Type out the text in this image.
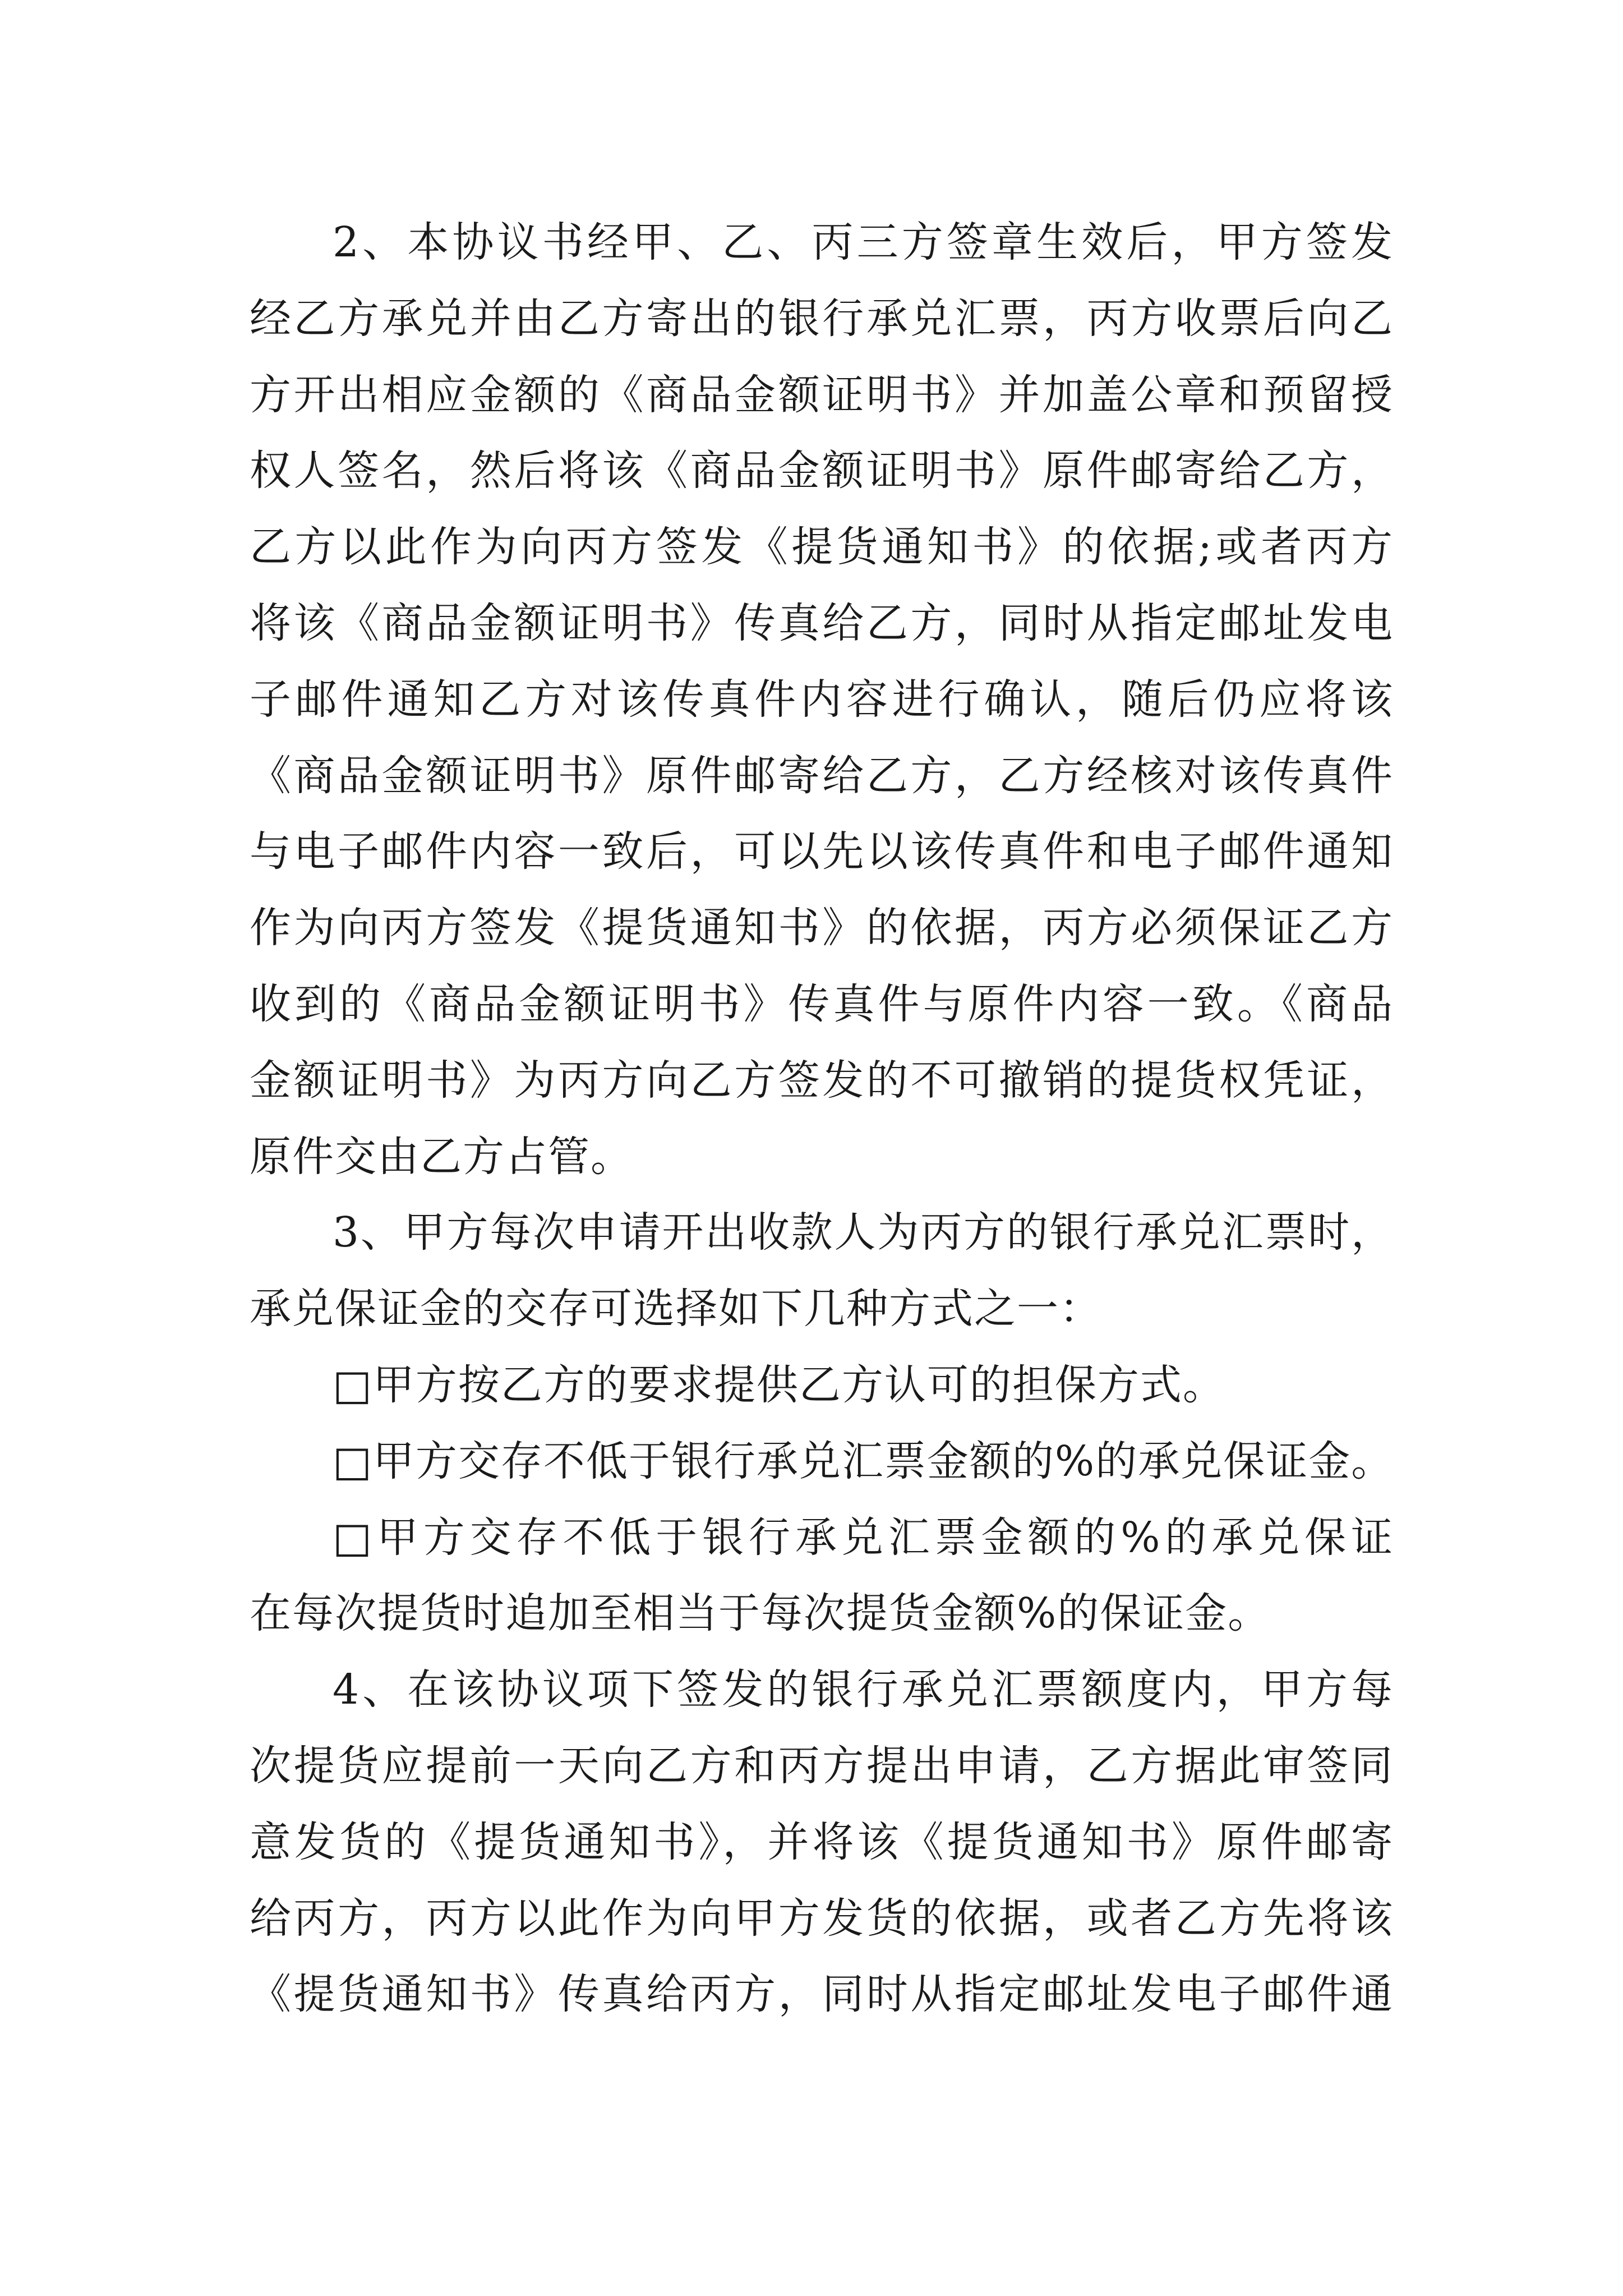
2、本协议书经甲、乙、丙三方签章生效后，甲方签发
经乙方承兑并由乙方寄出的银行承兑汇票，丙方收票后向乙
方开出相应金额的《商品金额证明书》并加盖公章和预留授
权人签名，然后将该《商品金额证明书》原件邮寄给乙方，
乙方以此作为向丙方签发《提货通知书》的依据;或者丙方
将该《商品金额证明书》传真给乙方，同时从指定邮址发电
子邮件通知乙方对该传真件内容进行确认，随后仍应将该
《商品金额证明书》原件邮寄给乙方，乙方经核对该传真件
与电子邮件内容一致后，可以先以该传真件和电子邮件通知
作为向丙方签发《提货通知书》的依据，丙方必须保证乙方
收到的《商品金额证明书》传真件与原件内容一致。《商品
金额证明书》为丙方向乙方签发的不可撤销的提货权凭证，
原件交由乙方占管。
3、甲方每次申请开出收款人为丙方的银行承兑汇票时，
承兑保证金的交存可选择如下几种方式之一：
□甲方按乙方的要求提供乙方认可的担保方式。
□甲方交存不低于银行承兑汇票金额的%的承兑保证金。
□甲方交存不低于银行承兑汇票金额的%的承兑保证
在每次提货时追加至相当于每次提货金额%的保证金。
4、在该协议项下签发的银行承兑汇票额度内，甲方每
次提货应提前一天向乙方和丙方提出申请，乙方据此审签同
意发货的《提货通知书》，并将该《提货通知书》原件邮寄
给丙方，丙方以此作为向甲方发货的依据，或者乙方先将该
《提货通知书》传真给丙方，同时从指定邮址发电子邮件通
